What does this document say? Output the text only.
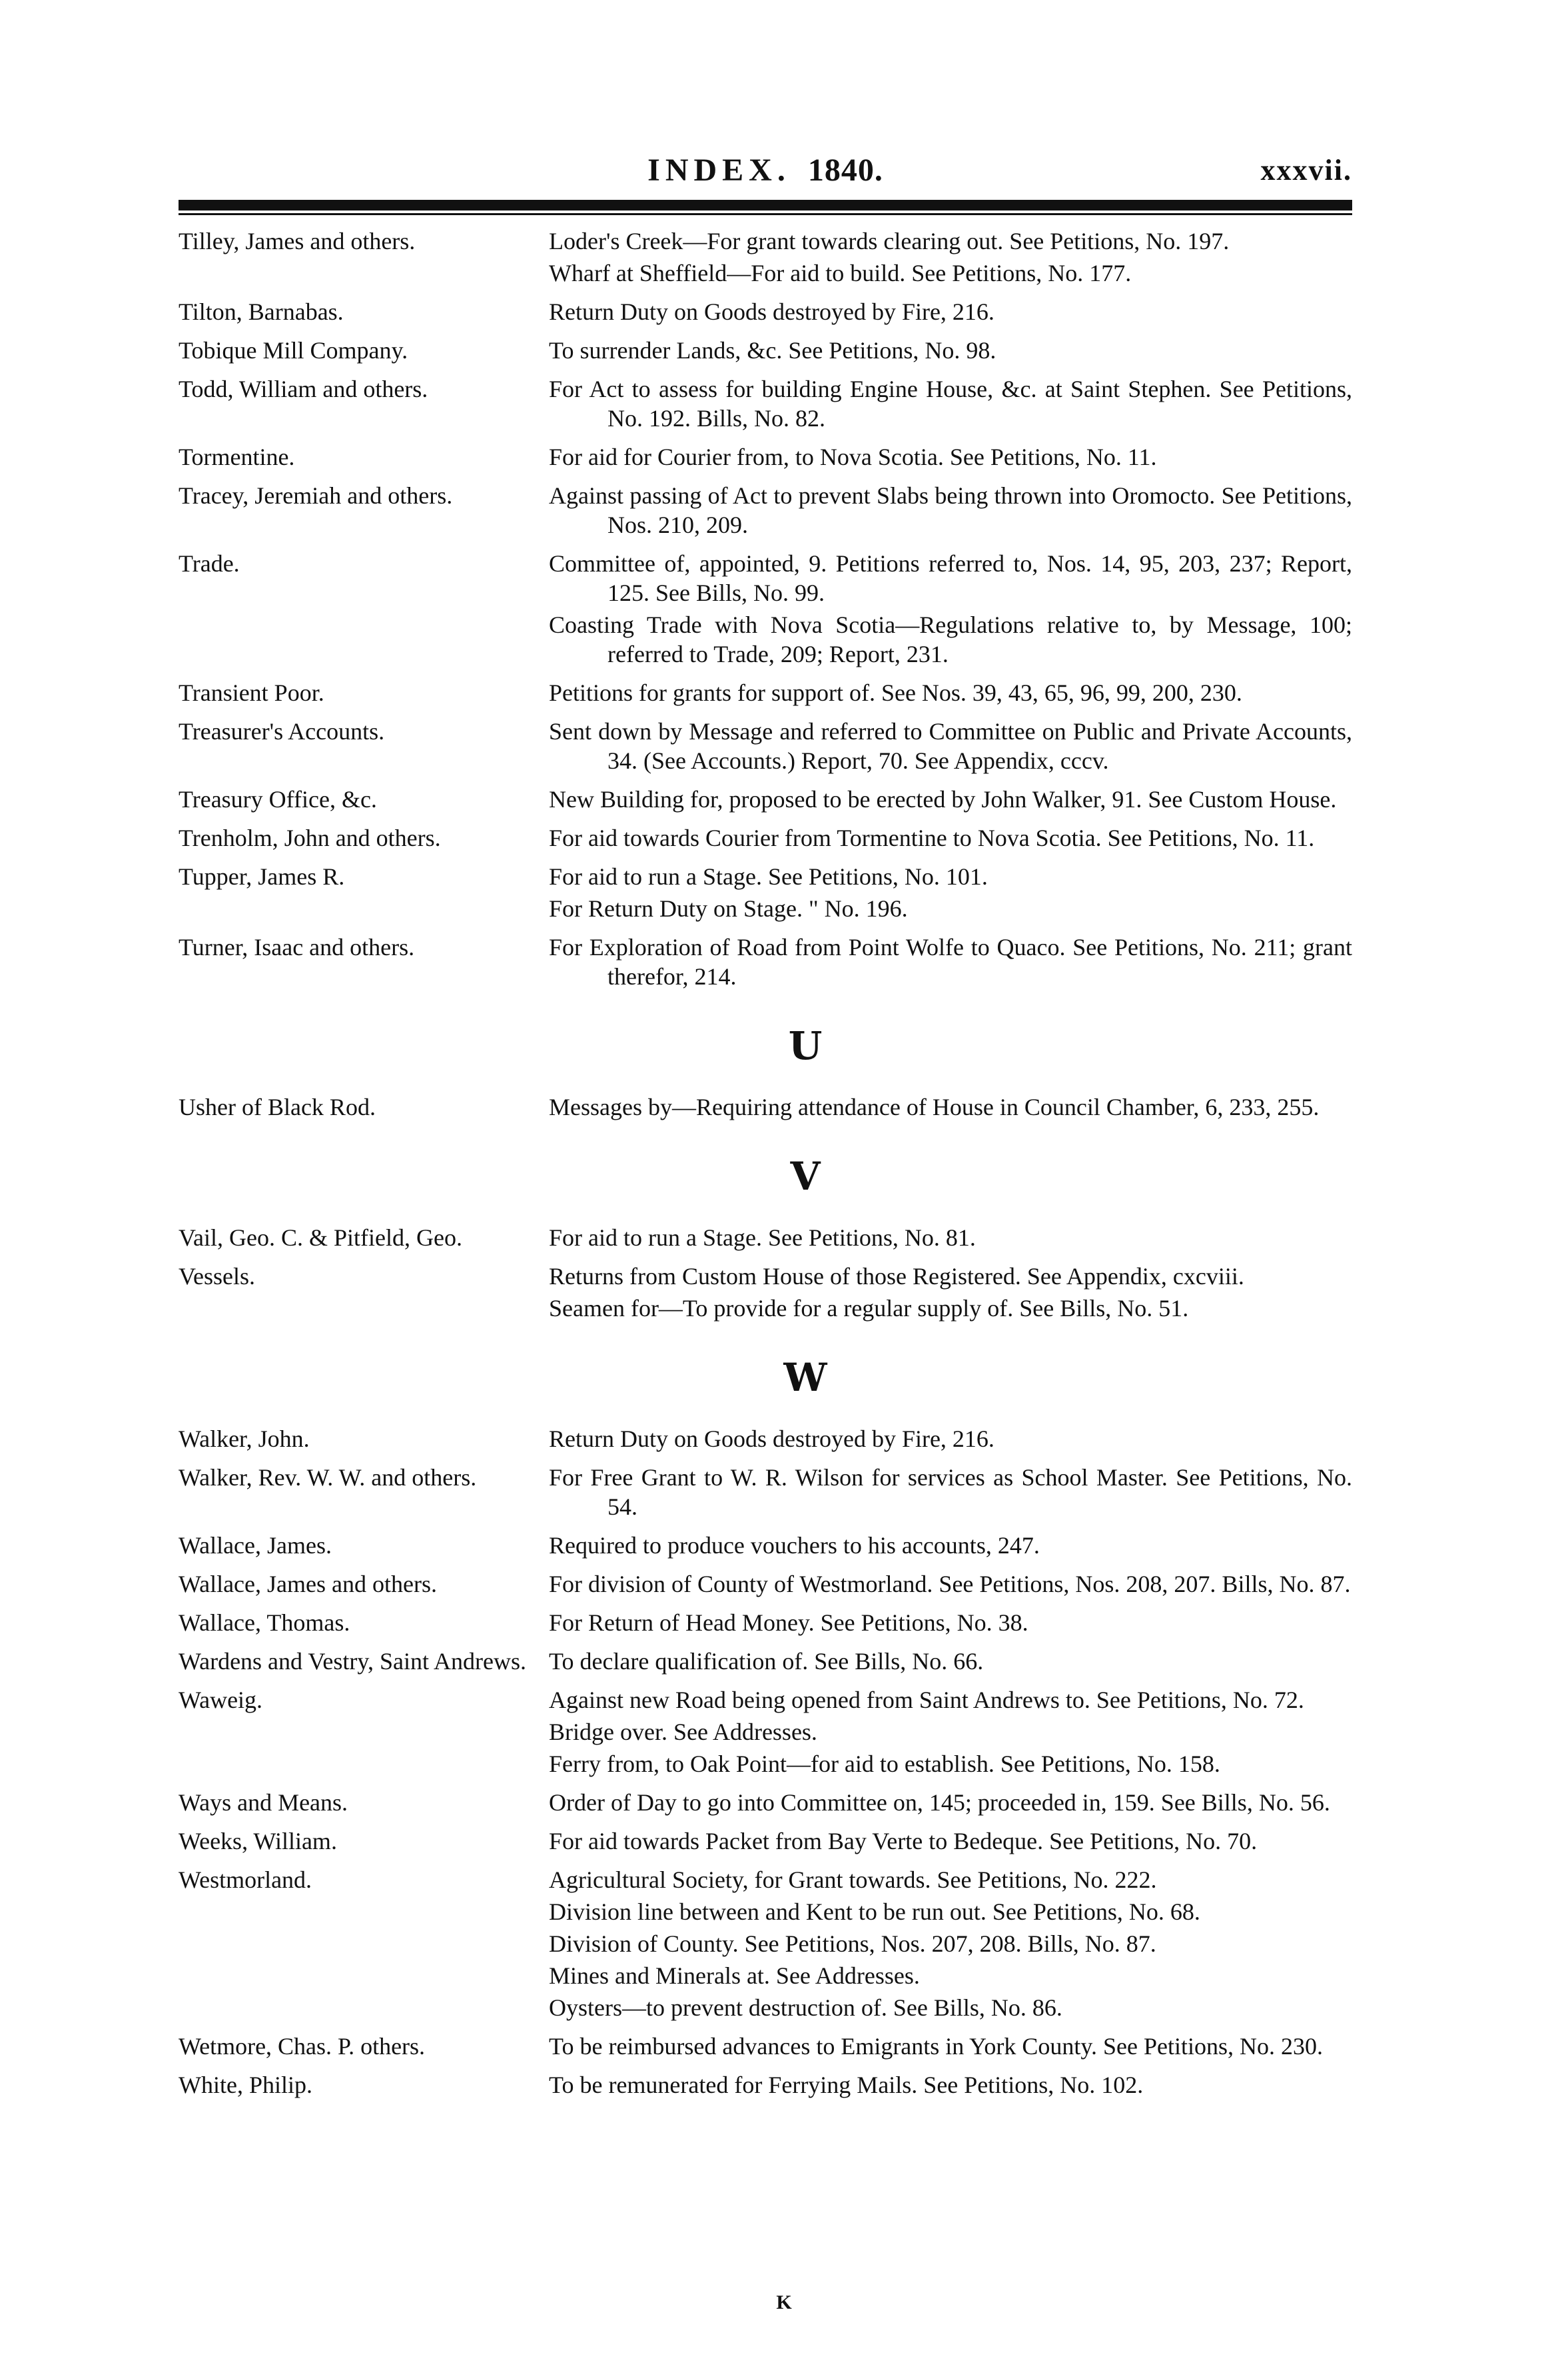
INDEX. 1840.	xxxvii.
Tilley, James and others.	Loder's Creek—For grant towards clearing out. See Petitions, No. 197.
Wharf at Sheffield—For aid to build. See Petitions, No. 177.
Tilton, Barnabas.	Return Duty on Goods destroyed by Fire, 216.
Tobique Mill Company.	To surrender Lands, &c. See Petitions, No. 98.
Todd, William and others.	For Act to assess for building Engine House, &c. at Saint Stephen. See Petitions, No. 192. Bills, No. 82.
Tormentine.	For aid for Courier from, to Nova Scotia. See Petitions, No. 11.
Tracey, Jeremiah and others.	Against passing of Act to prevent Slabs being thrown into Oromocto. See Petitions, Nos. 210, 209.
Trade.	Committee of, appointed, 9. Petitions referred to, Nos. 14, 95, 203, 237; Report, 125. See Bills, No. 99.
Coasting Trade with Nova Scotia—Regulations relative to, by Message, 100; referred to Trade, 209; Report, 231.
Transient Poor.	Petitions for grants for support of. See Nos. 39, 43, 65, 96, 99, 200, 230.
Treasurer's Accounts.	Sent down by Message and referred to Committee on Public and Private Accounts, 34. (See Accounts.) Report, 70. See Appendix, cccv.
Treasury Office, &c.	New Building for, proposed to be erected by John Walker, 91. See Custom House.
Trenholm, John and others.	For aid towards Courier from Tormentine to Nova Scotia. See Petitions, No. 11.
Tupper, James R.	For aid to run a Stage. See Petitions, No. 101.
For Return Duty on Stage. " No. 196.
Turner, Isaac and others.	For Exploration of Road from Point Wolfe to Quaco. See Petitions, No. 211; grant therefor, 214.
U
Usher of Black Rod.	Messages by—Requiring attendance of House in Council Chamber, 6, 233, 255.
V
Vail, Geo. C. & Pitfield, Geo.	For aid to run a Stage. See Petitions, No. 81.
Vessels.	Returns from Custom House of those Registered. See Appendix, cxcviii.
Seamen for—To provide for a regular supply of. See Bills, No. 51.
W
Walker, John.	Return Duty on Goods destroyed by Fire, 216.
Walker, Rev. W. W. and others.	For Free Grant to W. R. Wilson for services as School Master. See Petitions, No. 54.
Wallace, James.	Required to produce vouchers to his accounts, 247.
Wallace, James and others.	For division of County of Westmorland. See Petitions, Nos. 208, 207. Bills, No. 87.
Wallace, Thomas.	For Return of Head Money. See Petitions, No. 38.
Wardens and Vestry, Saint Andrews. To declare qualification of. See Bills, No. 66.
Waweig.	Against new Road being opened from Saint Andrews to. See Petitions, No. 72.
Bridge over. See Addresses.
Ferry from, to Oak Point—for aid to establish. See Petitions, No. 158.
Ways and Means.	Order of Day to go into Committee on, 145; proceeded in, 159. See Bills, No. 56.
Weeks, William.	For aid towards Packet from Bay Verte to Bedeque. See Petitions, No. 70.
Westmorland.	Agricultural Society, for Grant towards. See Petitions, No. 222.
Division line between and Kent to be run out. See Petitions, No. 68.
Division of County. See Petitions, Nos. 207, 208. Bills, No. 87.
Mines and Minerals at. See Addresses.
Oysters—to prevent destruction of. See Bills, No. 86.
Wetmore, Chas. P. others.	To be reimbursed advances to Emigrants in York County. See Petitions, No. 230.
White, Philip.	To be remunerated for Ferrying Mails. See Petitions, No. 102.
K
